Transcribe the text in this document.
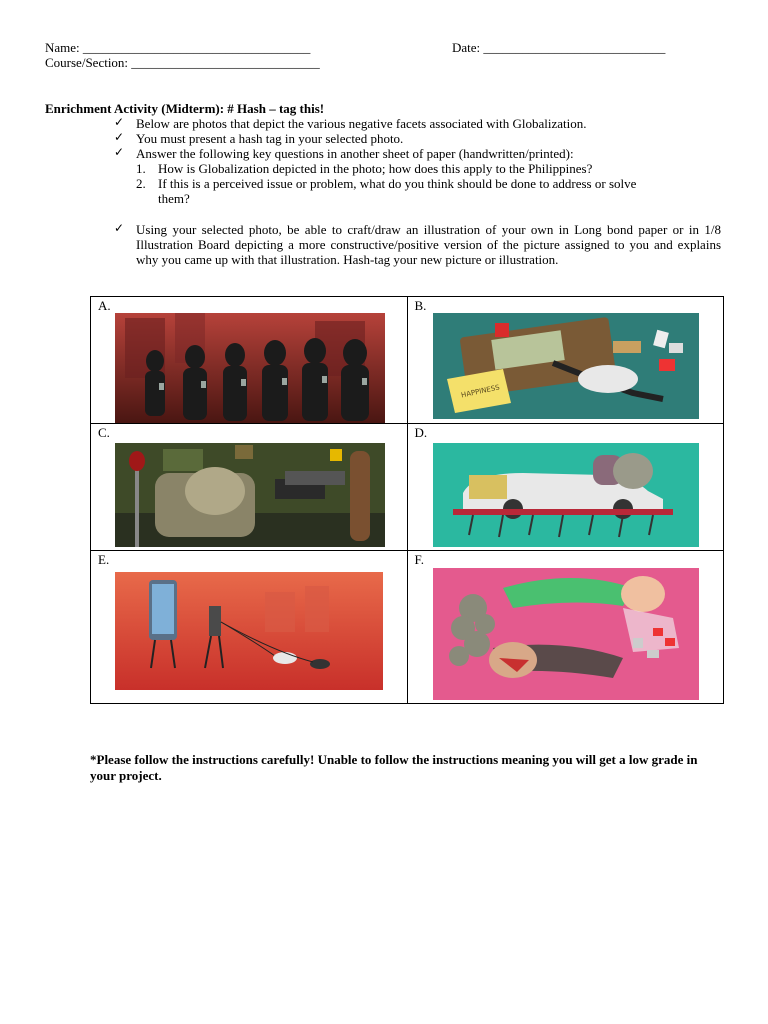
Name: ___________________________________	Date: ____________________________
Course/Section: _____________________________
Enrichment Activity (Midterm): # Hash – tag this!
✓ Below are photos that depict the various negative facets associated with Globalization.
✓ You must present a hash tag in your selected photo.
✓ Answer the following key questions in another sheet of paper (handwritten/printed):
1. How is Globalization depicted in the photo; how does this apply to the Philippines?
2. If this is a perceived issue or problem, what do you think should be done to address or solve
them?
✓ Using your selected photo, be able to craft/draw an illustration of your own in Long bond paper or in 1/8 Illustration Board depicting a more constructive/positive version of the picture assigned to you and explains why you came up with that illustration. Hash-tag your new picture or illustration.
A.	B.
HAPPINESS

C.	D.

E.	F.
*Please follow the instructions carefully! Unable to follow the instructions meaning you will get a low grade in your project.
